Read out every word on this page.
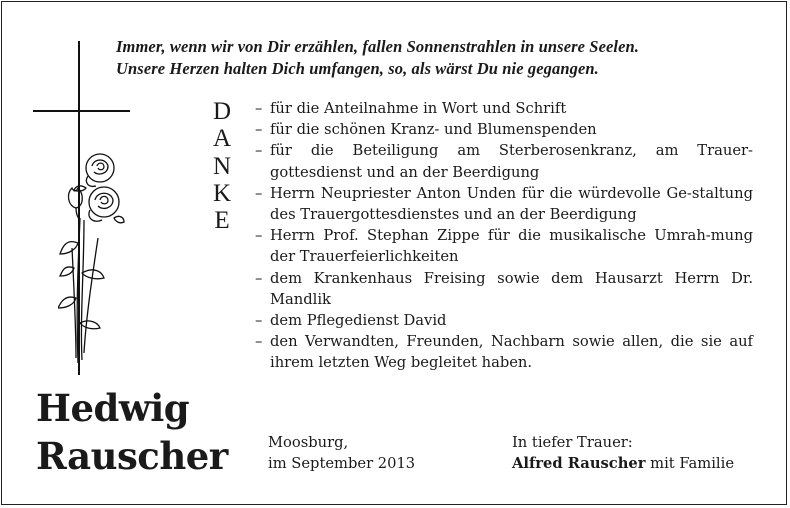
Immer, wenn wir von Dir erzählen, fallen Sonnenstrahlen in unsere Seelen.
Unsere Herzen halten Dich umfangen, so, als wärst Du nie gegangen.
D
A
N
K
E
– für die Anteilnahme in Wort und Schrift
– für die schönen Kranz- und Blumenspenden
– für die Beteiligung am Sterberosenkranz, am Trauer-gottesdienst und an der Beerdigung
– Herrn Neupriester Anton Unden für die würdevolle Ge-staltung des Trauergottesdienstes und an der Beerdigung
– Herrn Prof. Stephan Zippe für die musikalische Umrah-mung der Trauerfeierlichkeiten
– dem Krankenhaus Freising sowie dem Hausarzt Herrn Dr. Mandlik
– dem Pflegedienst David
– den Verwandten, Freunden, Nachbarn sowie allen, die sie auf ihrem letzten Weg begleitet haben.
Hedwig
Rauscher	Moosburg,
im September 2013
In tiefer Trauer:
Alfred Rauscher mit Familie
